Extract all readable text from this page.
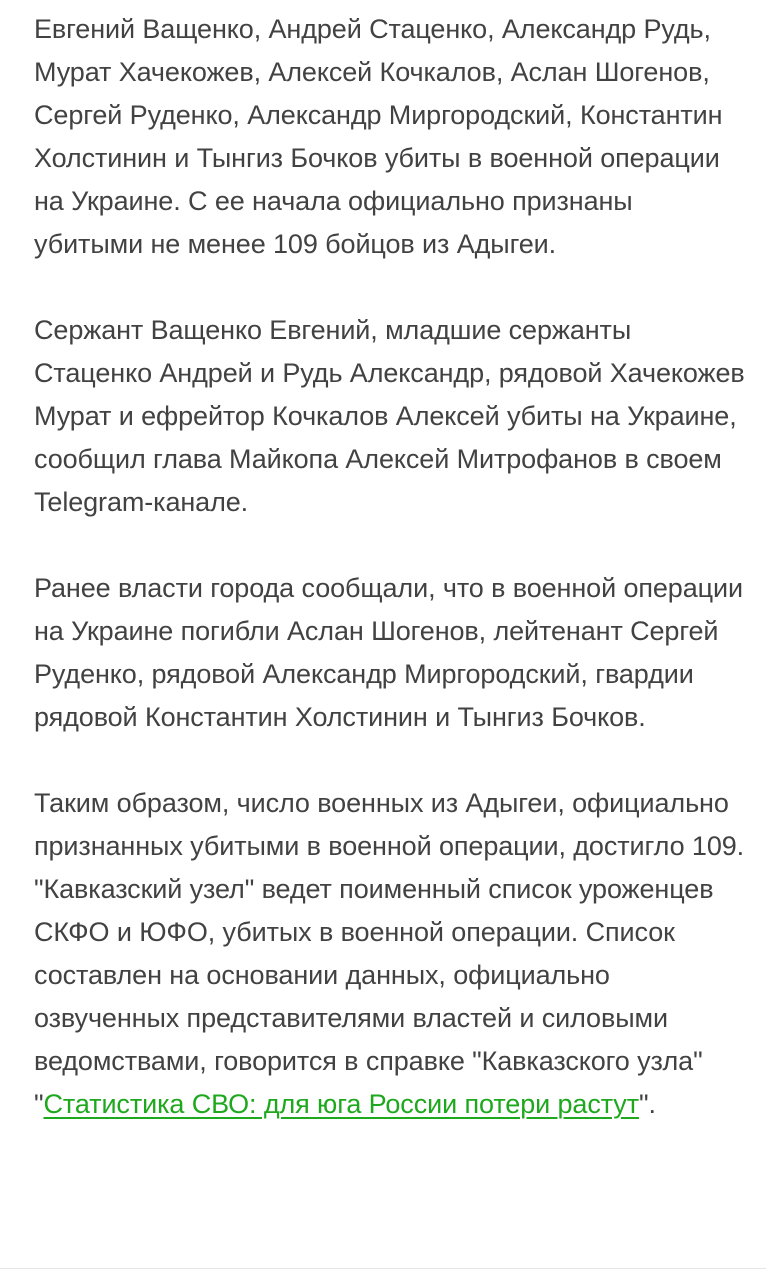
Евгений Ващенко, Андрей Стаценко, Александр Рудь, Мурат Хачекожев, Алексей Кочкалов, Аслан Шогенов, Сергей Руденко, Александр Миргородский, Константин Холстинин и Тынгиз Бочков убиты в военной операции на Украине. С ее начала официально признаны убитыми не менее 109 бойцов из Адыгеи.

Сержант Ващенко Евгений, младшие сержанты Стаценко Андрей и Рудь Александр, рядовой Хачекожев Мурат и ефрейтор Кочкалов Алексей убиты на Украине, сообщил глава Майкопа Алексей Митрофанов в своем Telegram-канале.

Ранее власти города сообщали, что в военной операции на Украине погибли Аслан Шогенов, лейтенант Сергей Руденко, рядовой Александр Миргородский, гвардии рядовой Константин Холстинин и Тынгиз Бочков.

Таким образом, число военных из Адыгеи, официально признанных убитыми в военной операции, достигло 109. "Кавказский узел" ведет поименный список уроженцев СКФО и ЮФО, убитых в военной операции. Список составлен на основании данных, официально озвученных представителями властей и силовыми ведомствами, говорится в справке "Кавказского узла" "Статистика СВО: для юга России потери растут".
